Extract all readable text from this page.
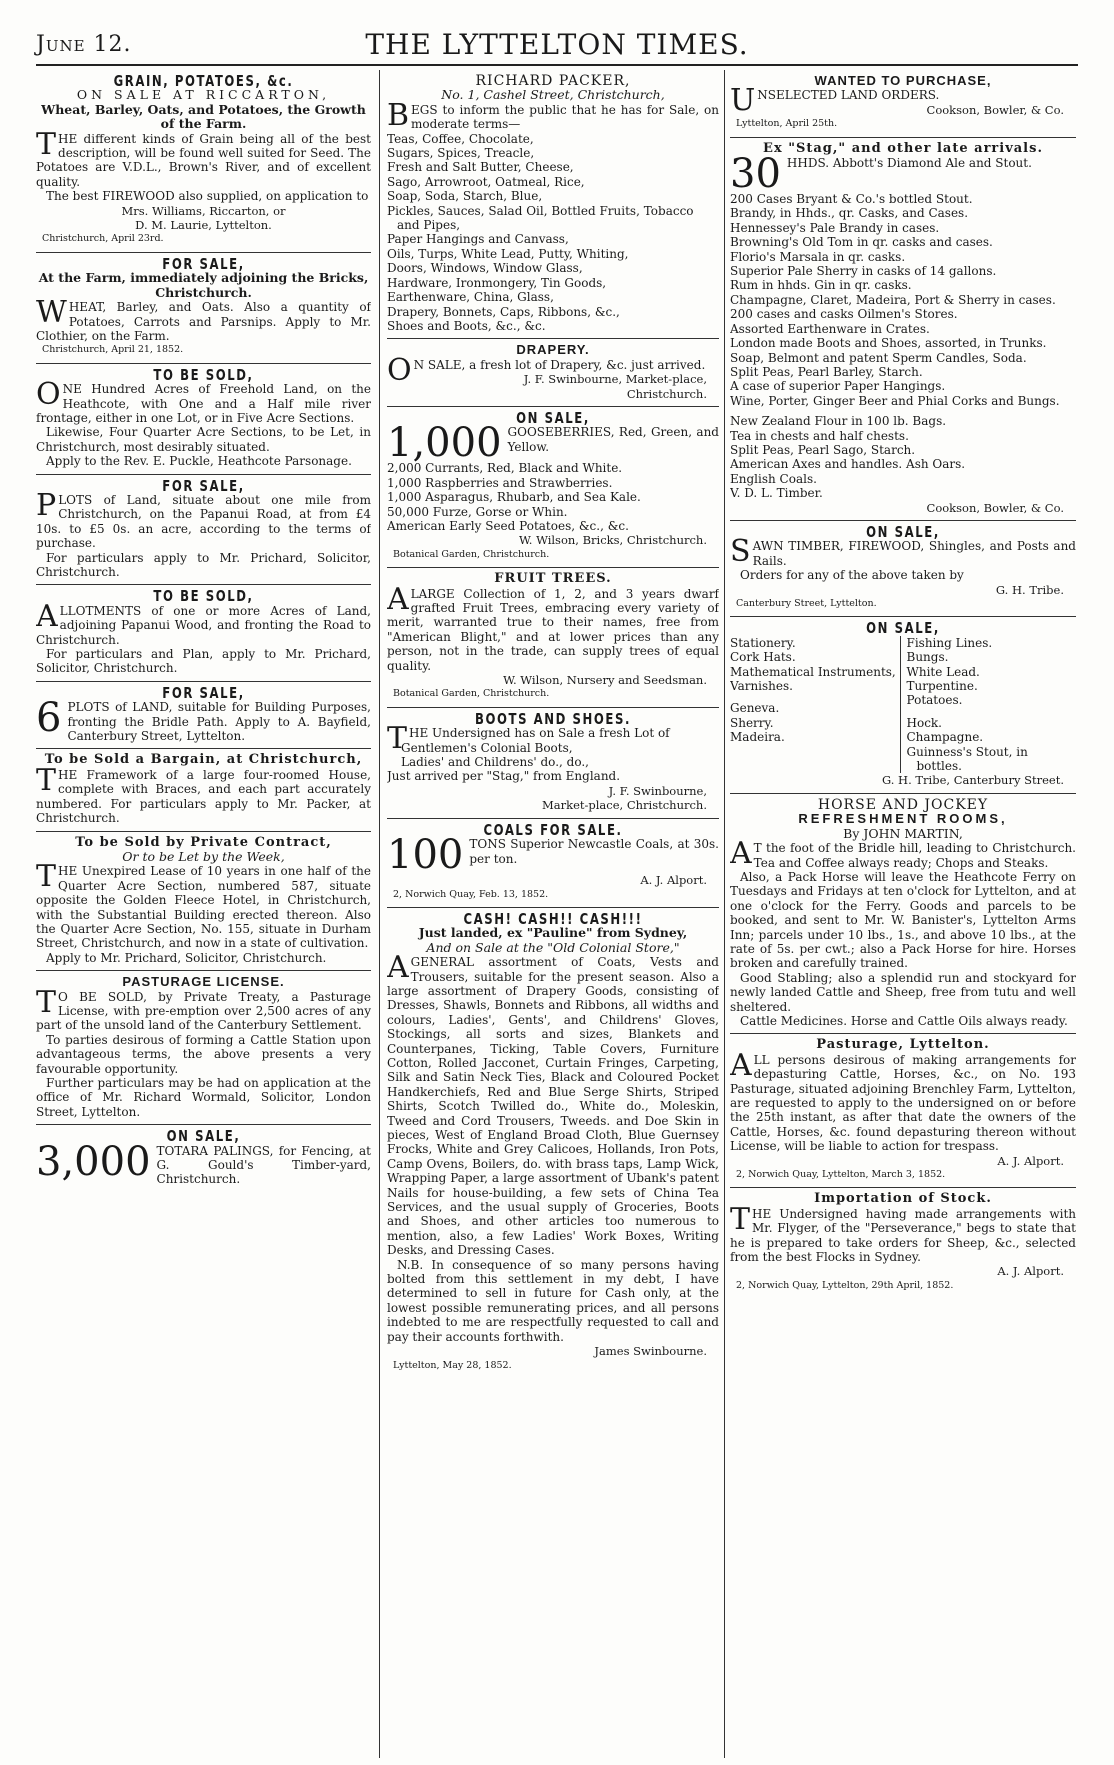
June 12.	THE LYTTELTON TIMES.
GRAIN, POTATOES, &c.
ON SALE AT RICCARTON,
Wheat, Barley, Oats, and Potatoes, the Growth of the Farm.
THE different kinds of Grain being all of the best description, will be found well suited for Seed. The Potatoes are V.D.L., Brown's River, and of excellent quality.
The best FIREWOOD also supplied, on application to
Mrs. Williams, Riccarton, or
D. M. Laurie, Lyttelton.
Christchurch, April 23rd.
FOR SALE,
At the Farm, immediately adjoining the Bricks, Christchurch.
WHEAT, Barley, and Oats. Also a quantity of Potatoes, Carrots and Parsnips. Apply to Mr. Clothier, on the Farm.
Christchurch, April 21, 1852.
TO BE SOLD,
ONE Hundred Acres of Freehold Land, on the Heathcote, with One and a Half mile river frontage, either in one Lot, or in Five Acre Sections.
Likewise, Four Quarter Acre Sections, to be Let, in Christchurch, most desirably situated.
Apply to the Rev. E. Puckle, Heathcote Parsonage.
FOR SALE,
PLOTS of Land, situate about one mile from Christchurch, on the Papanui Road, at from £4 10s. to £5 0s. an acre, according to the terms of purchase.
For particulars apply to Mr. Prichard, Solicitor, Christchurch.
TO BE SOLD,
ALLOTMENTS of one or more Acres of Land, adjoining Papanui Wood, and fronting the Road to Christchurch.
For particulars and Plan, apply to Mr. Prichard, Solicitor, Christchurch.
FOR SALE,
6 PLOTS of LAND, suitable for Building Purposes, fronting the Bridle Path. Apply to A. Bayfield, Canterbury Street, Lyttelton.
To be Sold a Bargain, at Christchurch,
THE Framework of a large four-roomed House, complete with Braces, and each part accurately numbered. For particulars apply to Mr. Packer, at Christchurch.
To be Sold by Private Contract,
Or to be Let by the Week,
THE Unexpired Lease of 10 years in one half of the Quarter Acre Section, numbered 587, situate opposite the Golden Fleece Hotel, in Christchurch, with the Substantial Building erected thereon. Also the Quarter Acre Section, No. 155, situate in Durham Street, Christchurch, and now in a state of cultivation.
Apply to Mr. Prichard, Solicitor, Christchurch.
PASTURAGE LICENSE.
TO BE SOLD, by Private Treaty, a Pasturage License, with pre-emption over 2,500 acres of any part of the unsold land of the Canterbury Settlement.
To parties desirous of forming a Cattle Station upon advantageous terms, the above presents a very favourable opportunity.
Further particulars may be had on application at the office of Mr. Richard Wormald, Solicitor, London Street, Lyttelton.
ON SALE,
3,000 TOTARA PALINGS, for Fencing, at G. Gould's Timber-yard, Christchurch.
RICHARD PACKER,
No. 1, Cashel Street, Christchurch,
BEGS to inform the public that he has for Sale, on moderate terms—
Teas, Coffee, Chocolate,
Sugars, Spices, Treacle,
Fresh and Salt Butter, Cheese,
Sago, Arrowroot, Oatmeal, Rice,
Soap, Soda, Starch, Blue,
Pickles, Sauces, Salad Oil, Bottled Fruits, Tobacco and Pipes,
Paper Hangings and Canvass,
Oils, Turps, White Lead, Putty, Whiting,
Doors, Windows, Window Glass,
Hardware, Ironmongery, Tin Goods,
Earthenware, China, Glass,
Drapery, Bonnets, Caps, Ribbons, &c.,
Shoes and Boots, &c., &c.
DRAPERY.
ON SALE, a fresh lot of Drapery, &c. just arrived.
J. F. Swinbourne, Market-place,
Christchurch.
ON SALE,
1,000 GOOSEBERRIES, Red, Green, and Yellow.
2,000 Currants, Red, Black and White.
1,000 Raspberries and Strawberries.
1,000 Asparagus, Rhubarb, and Sea Kale.
50,000 Furze, Gorse or Whin.
American Early Seed Potatoes, &c., &c.
W. Wilson, Bricks, Christchurch.
Botanical Garden, Christchurch.
FRUIT TREES.
ALARGE Collection of 1, 2, and 3 years dwarf grafted Fruit Trees, embracing every variety of merit, warranted true to their names, free from "American Blight," and at lower prices than any person, not in the trade, can supply trees of equal quality.
W. Wilson, Nursery and Seedsman.
Botanical Garden, Christchurch.
BOOTS AND SHOES.
THE Undersigned has on Sale a fresh Lot of
Gentlemen's Colonial Boots,
Ladies' and Childrens' do., do.,
Just arrived per "Stag," from England.
J. F. Swinbourne,
Market-place, Christchurch.
COALS FOR SALE.
100 TONS Superior Newcastle Coals, at 30s. per ton.
A. J. Alport.
2, Norwich Quay, Feb. 13, 1852.
CASH! CASH!! CASH!!!
Just landed, ex "Pauline" from Sydney,
And on Sale at the "Old Colonial Store,"
AGENERAL assortment of Coats, Vests and Trousers, suitable for the present season. Also a large assortment of Drapery Goods, consisting of Dresses, Shawls, Bonnets and Ribbons, all widths and colours, Ladies', Gents', and Childrens' Gloves, Stockings, all sorts and sizes, Blankets and Counterpanes, Ticking, Table Covers, Furniture Cotton, Rolled Jacconet, Curtain Fringes, Carpeting, Silk and Satin Neck Ties, Black and Coloured Pocket Handkerchiefs, Red and Blue Serge Shirts, Striped Shirts, Scotch Twilled do., White do., Moleskin, Tweed and Cord Trousers, Tweeds. and Doe Skin in pieces, West of England Broad Cloth, Blue Guernsey Frocks, White and Grey Calicoes, Hollands, Iron Pots, Camp Ovens, Boilers, do. with brass taps, Lamp Wick, Wrapping Paper, a large assortment of Ubank's patent Nails for house-building, a few sets of China Tea Services, and the usual supply of Groceries, Boots and Shoes, and other articles too numerous to mention, also, a few Ladies' Work Boxes, Writing Desks, and Dressing Cases.
N.B. In consequence of so many persons having bolted from this settlement in my debt, I have determined to sell in future for Cash only, at the lowest possible remunerating prices, and all persons indebted to me are respectfully requested to call and pay their accounts forthwith.
James Swinbourne.
Lyttelton, May 28, 1852.
WANTED TO PURCHASE,
UNSELECTED LAND ORDERS.
Cookson, Bowler, & Co.
Lyttelton, April 25th.
Ex "Stag," and other late arrivals.
30 HHDS. Abbott's Diamond Ale and Stout.
200 Cases Bryant & Co.'s bottled Stout.
Brandy, in Hhds., qr. Casks, and Cases.
Hennessey's Pale Brandy in cases.
Browning's Old Tom in qr. casks and cases.
Florio's Marsala in qr. casks.
Superior Pale Sherry in casks of 14 gallons.
Rum in hhds. Gin in qr. casks.
Champagne, Claret, Madeira, Port & Sherry in cases.
200 cases and casks Oilmen's Stores.
Assorted Earthenware in Crates.
London made Boots and Shoes, assorted, in Trunks.
Soap, Belmont and patent Sperm Candles, Soda.
Split Peas, Pearl Barley, Starch.
A case of superior Paper Hangings.
Wine, Porter, Ginger Beer and Phial Corks and Bungs.
New Zealand Flour in 100 lb. Bags.
Tea in chests and half chests.
Split Peas, Pearl Sago, Starch.
American Axes and handles. Ash Oars.
English Coals.
V. D. L. Timber.
Cookson, Bowler, & Co.
ON SALE,
SAWN TIMBER, FIREWOOD, Shingles, and Posts and Rails.
Orders for any of the above taken by
G. H. Tribe.
Canterbury Street, Lyttelton.
ON SALE,
Stationery.
Cork Hats.
Mathematical Instruments,
Varnishes.
Geneva.
Sherry.
Madeira.
Fishing Lines.
Bungs.
White Lead.
Turpentine.
Potatoes.
Hock.
Champagne.
Guinness's Stout, in bottles.
G. H. Tribe, Canterbury Street.
HORSE AND JOCKEY
REFRESHMENT ROOMS,
By JOHN MARTIN,
AT the foot of the Bridle hill, leading to Christchurch. Tea and Coffee always ready; Chops and Steaks.
Also, a Pack Horse will leave the Heathcote Ferry on Tuesdays and Fridays at ten o'clock for Lyttelton, and at one o'clock for the Ferry. Goods and parcels to be booked, and sent to Mr. W. Banister's, Lyttelton Arms Inn; parcels under 10 lbs., 1s., and above 10 lbs., at the rate of 5s. per cwt.; also a Pack Horse for hire. Horses broken and carefully trained.
Good Stabling; also a splendid run and stockyard for newly landed Cattle and Sheep, free from tutu and well sheltered.
Cattle Medicines. Horse and Cattle Oils always ready.
Pasturage, Lyttelton.
ALL persons desirous of making arrangements for depasturing Cattle, Horses, &c., on No. 193 Pasturage, situated adjoining Brenchley Farm, Lyttelton, are requested to apply to the undersigned on or before the 25th instant, as after that date the owners of the Cattle, Horses, &c. found depasturing thereon without License, will be liable to action for trespass.
A. J. Alport.
2, Norwich Quay, Lyttelton, March 3, 1852.
Importation of Stock.
THE Undersigned having made arrangements with Mr. Flyger, of the "Perseverance," begs to state that he is prepared to take orders for Sheep, &c., selected from the best Flocks in Sydney.
A. J. Alport.
2, Norwich Quay, Lyttelton, 29th April, 1852.
